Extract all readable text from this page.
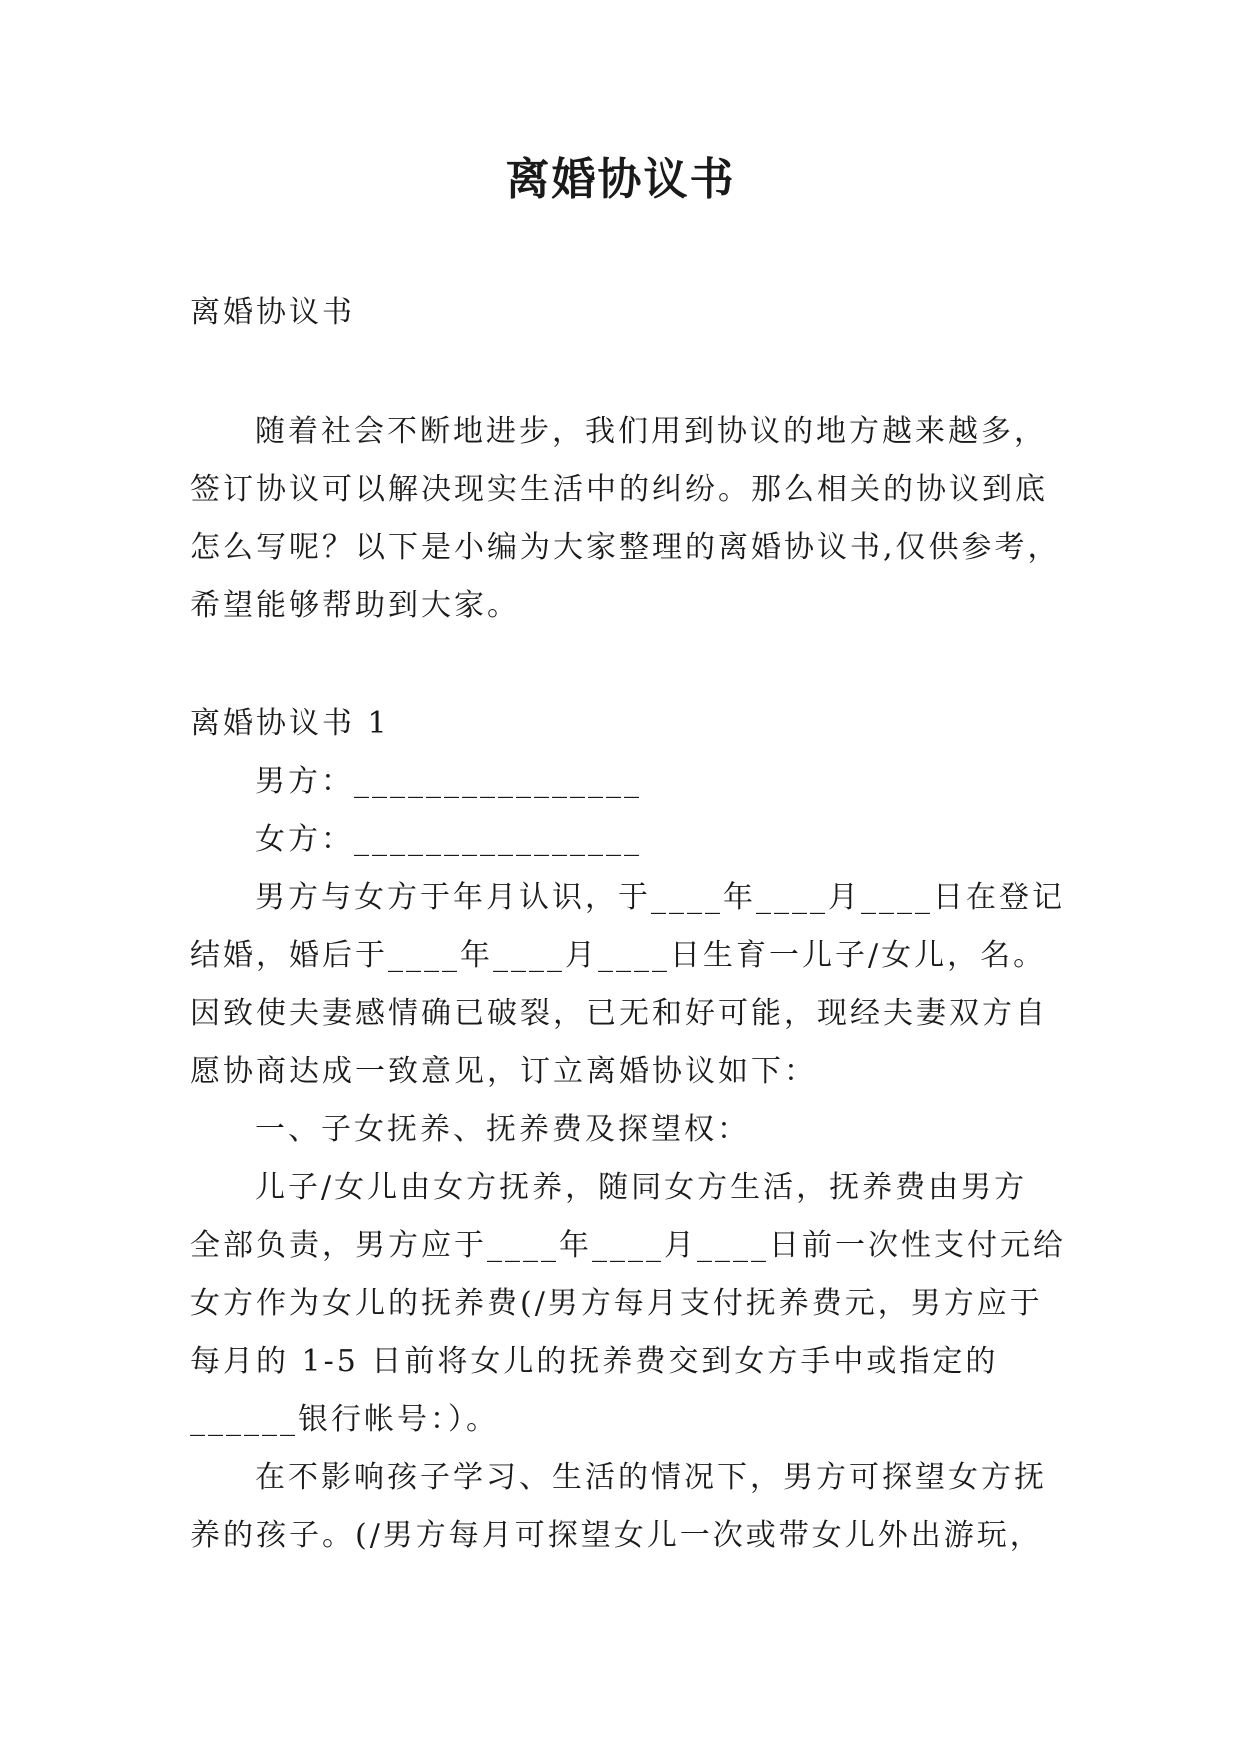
离婚协议书
离婚协议书
随着社会不断地进步，我们用到协议的地方越来越多，
签订协议可以解决现实生活中的纠纷。那么相关的协议到底
怎么写呢？以下是小编为大家整理的离婚协议书,仅供参考，
希望能够帮助到大家。
离婚协议书 1
男方：________________
女方：________________
男方与女方于年月认识，于____年____月____日在登记
结婚，婚后于____年____月____日生育一儿子/女儿，名。
因致使夫妻感情确已破裂，已无和好可能，现经夫妻双方自
愿协商达成一致意见，订立离婚协议如下：
一、子女抚养、抚养费及探望权：
儿子/女儿由女方抚养，随同女方生活，抚养费由男方
全部负责，男方应于____年____月____日前一次性支付元给
女方作为女儿的抚养费(/男方每月支付抚养费元，男方应于
每月的 1-5 日前将女儿的抚养费交到女方手中或指定的
______银行帐号：）。
在不影响孩子学习、生活的情况下，男方可探望女方抚
养的孩子。(/男方每月可探望女儿一次或带女儿外出游玩，
